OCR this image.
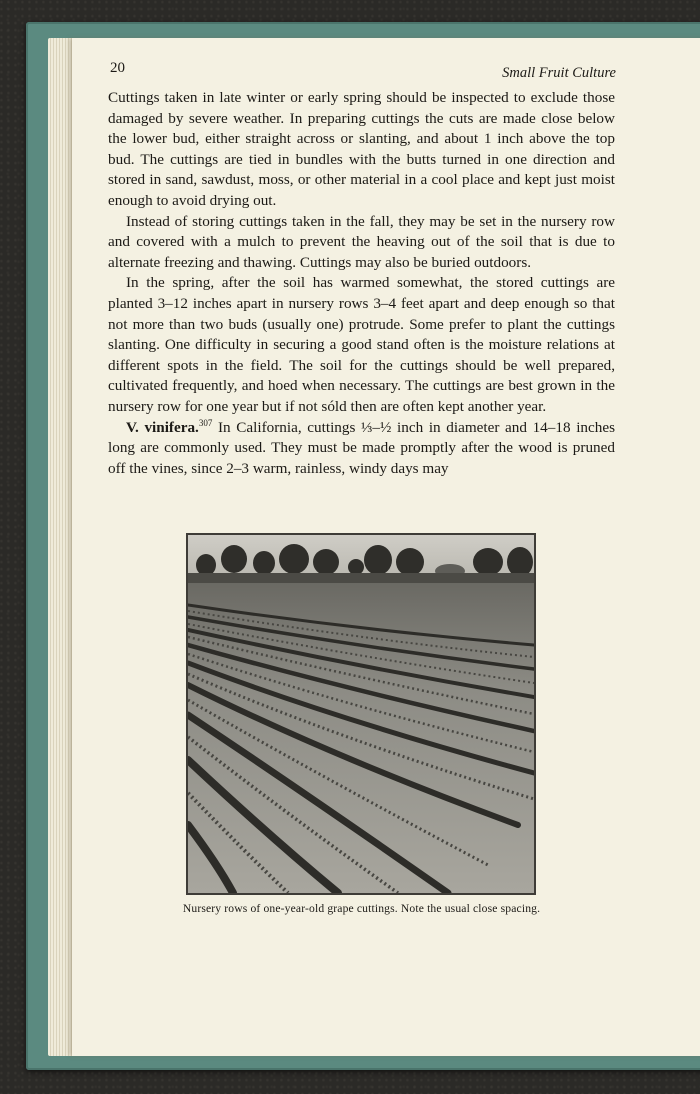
20	Small Fruit Culture

Cuttings taken in late winter or early spring should be inspected to exclude those damaged by severe weather. In preparing cuttings the cuts are made close below the lower bud, either straight across or slanting, and about 1 inch above the top bud. The cuttings are tied in bundles with the butts turned in one direction and stored in sand, sawdust, moss, or other material in a cool place and kept just moist enough to avoid drying out.

Instead of storing cuttings taken in the fall, they may be set in the nursery row and covered with a mulch to prevent the heaving out of the soil that is due to alternate freezing and thawing. Cuttings may also be buried outdoors.

In the spring, after the soil has warmed somewhat, the stored cuttings are planted 3–12 inches apart in nursery rows 3–4 feet apart and deep enough so that not more than two buds (usually one) protrude. Some prefer to plant the cuttings slanting. One difficulty in securing a good stand often is the moisture relations at different spots in the field. The soil for the cuttings should be well prepared, cultivated frequently, and hoed when necessary. The cuttings are best grown in the nursery row for one year but if not sóld then are often kept another year.

V. vinifera.$^{307}$ In California, cuttings ⅓–½ inch in diameter and 14–18 inches long are commonly used. They must be made promptly after the wood is pruned off the vines, since 2–3 warm, rainless, windy days may

Nursery rows of one-year-old grape cuttings. Note the usual close spacing.
